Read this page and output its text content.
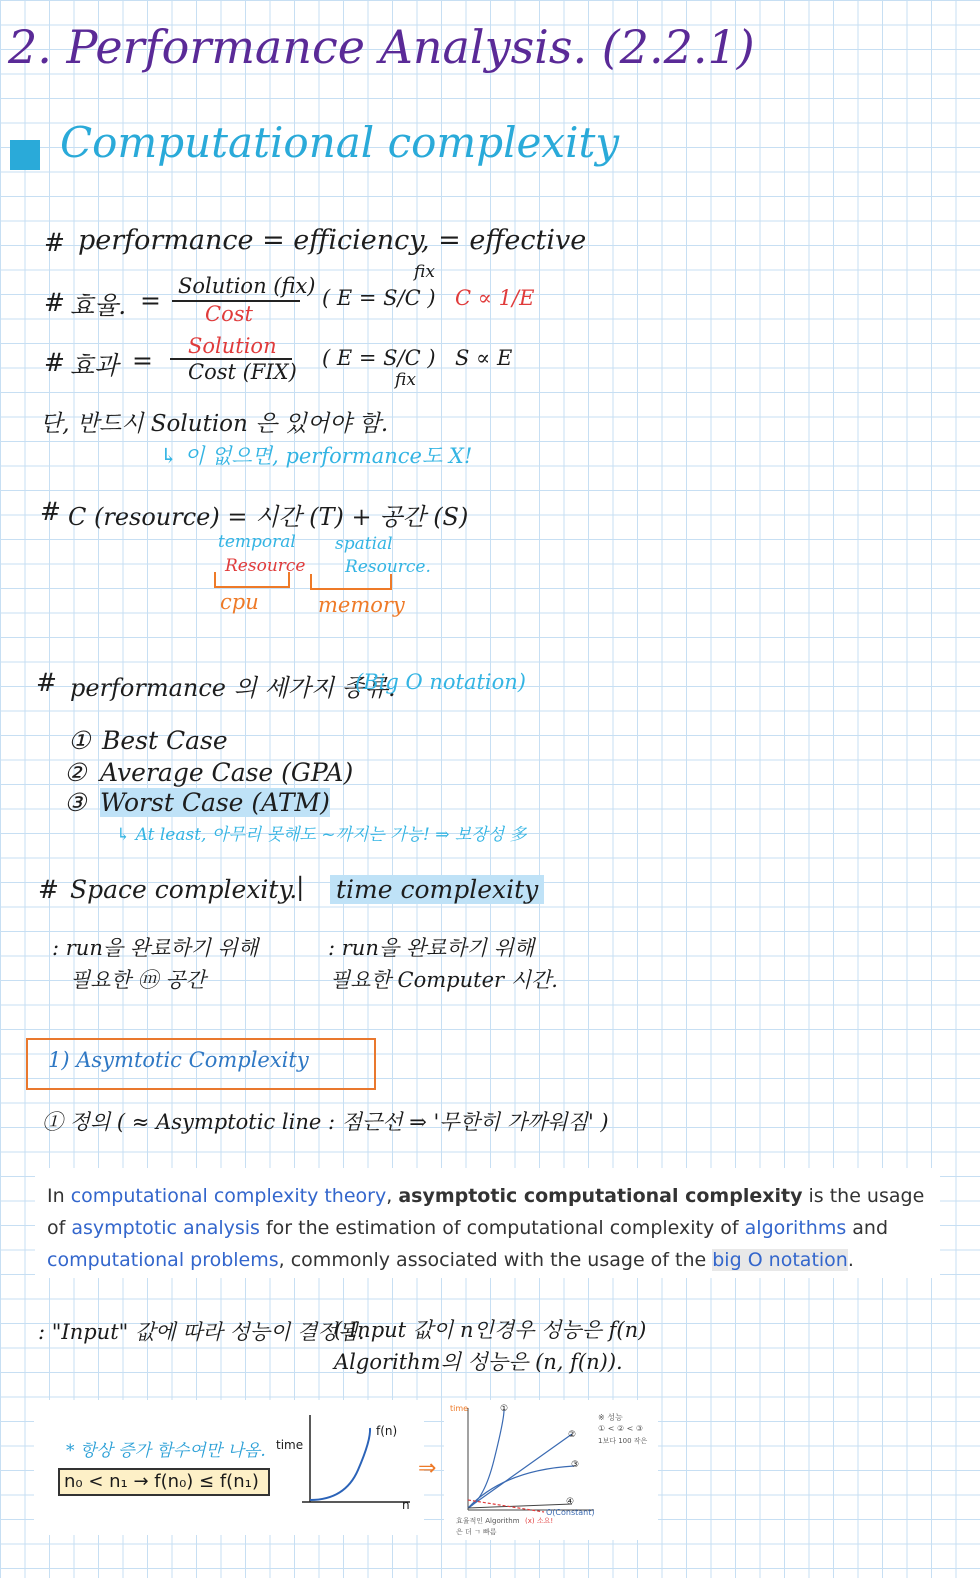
2. Performance Analysis. (2.2.1)
Computational complexity
# performance = efficiency, = effective
# 효율. = Solution (fix)
Cost
( E = S/C )
fix
C ∝ 1/E
# 효과 = Solution
Cost (FIX)
( E = S/C )
fix
S ∝ E
단, 반드시 Solution 은 있어야 함.
↳ 이 없으면, performance도 X!
# C (resource) = 시간 (T) + 공간 (S)
temporal
Resource
cpu
spatial
Resource.
memory
# performance 의 세가지 종류.
(Big O notation)
① Best Case
② Average Case (GPA)
③ Worst Case (ATM)
↳ At least, 아무리 못해도 ~까지는 가능! ⇒ 보장성 多
# Space complexity.
| time complexity
: run을 완료하기 위해
필요한 ⓜ 공간
: run을 완료하기 위해
필요한 Computer 시간.
1) Asymtotic Complexity
① 정의 ( ≈ Asymptotic line : 점근선 ⇒ '무한히 가까워짐' )
In computational complexity theory, asymptotic computational complexity is the usage of asymptotic analysis for the estimation of computational complexity of algorithms and computational problems, commonly associated with the usage of the big O notation.
: "Input" 값에 따라 성능이 결정됨.
( Input 값이 n인경우 성능은 f(n)
Algorithm의 성능은 (n, f(n)).
* 항상 증가 함수여만 나옴.
n₀ < n₁ → f(n₀) ≤ f(n₁)
time
f(n)
n
⇒
time	①
②
③
④
※ 성능
① < ② < ③
1보다 100 작은
효율적인 Algorithm
은 더 ㄱ 빠름
(x) 소요!
O(Constant)
